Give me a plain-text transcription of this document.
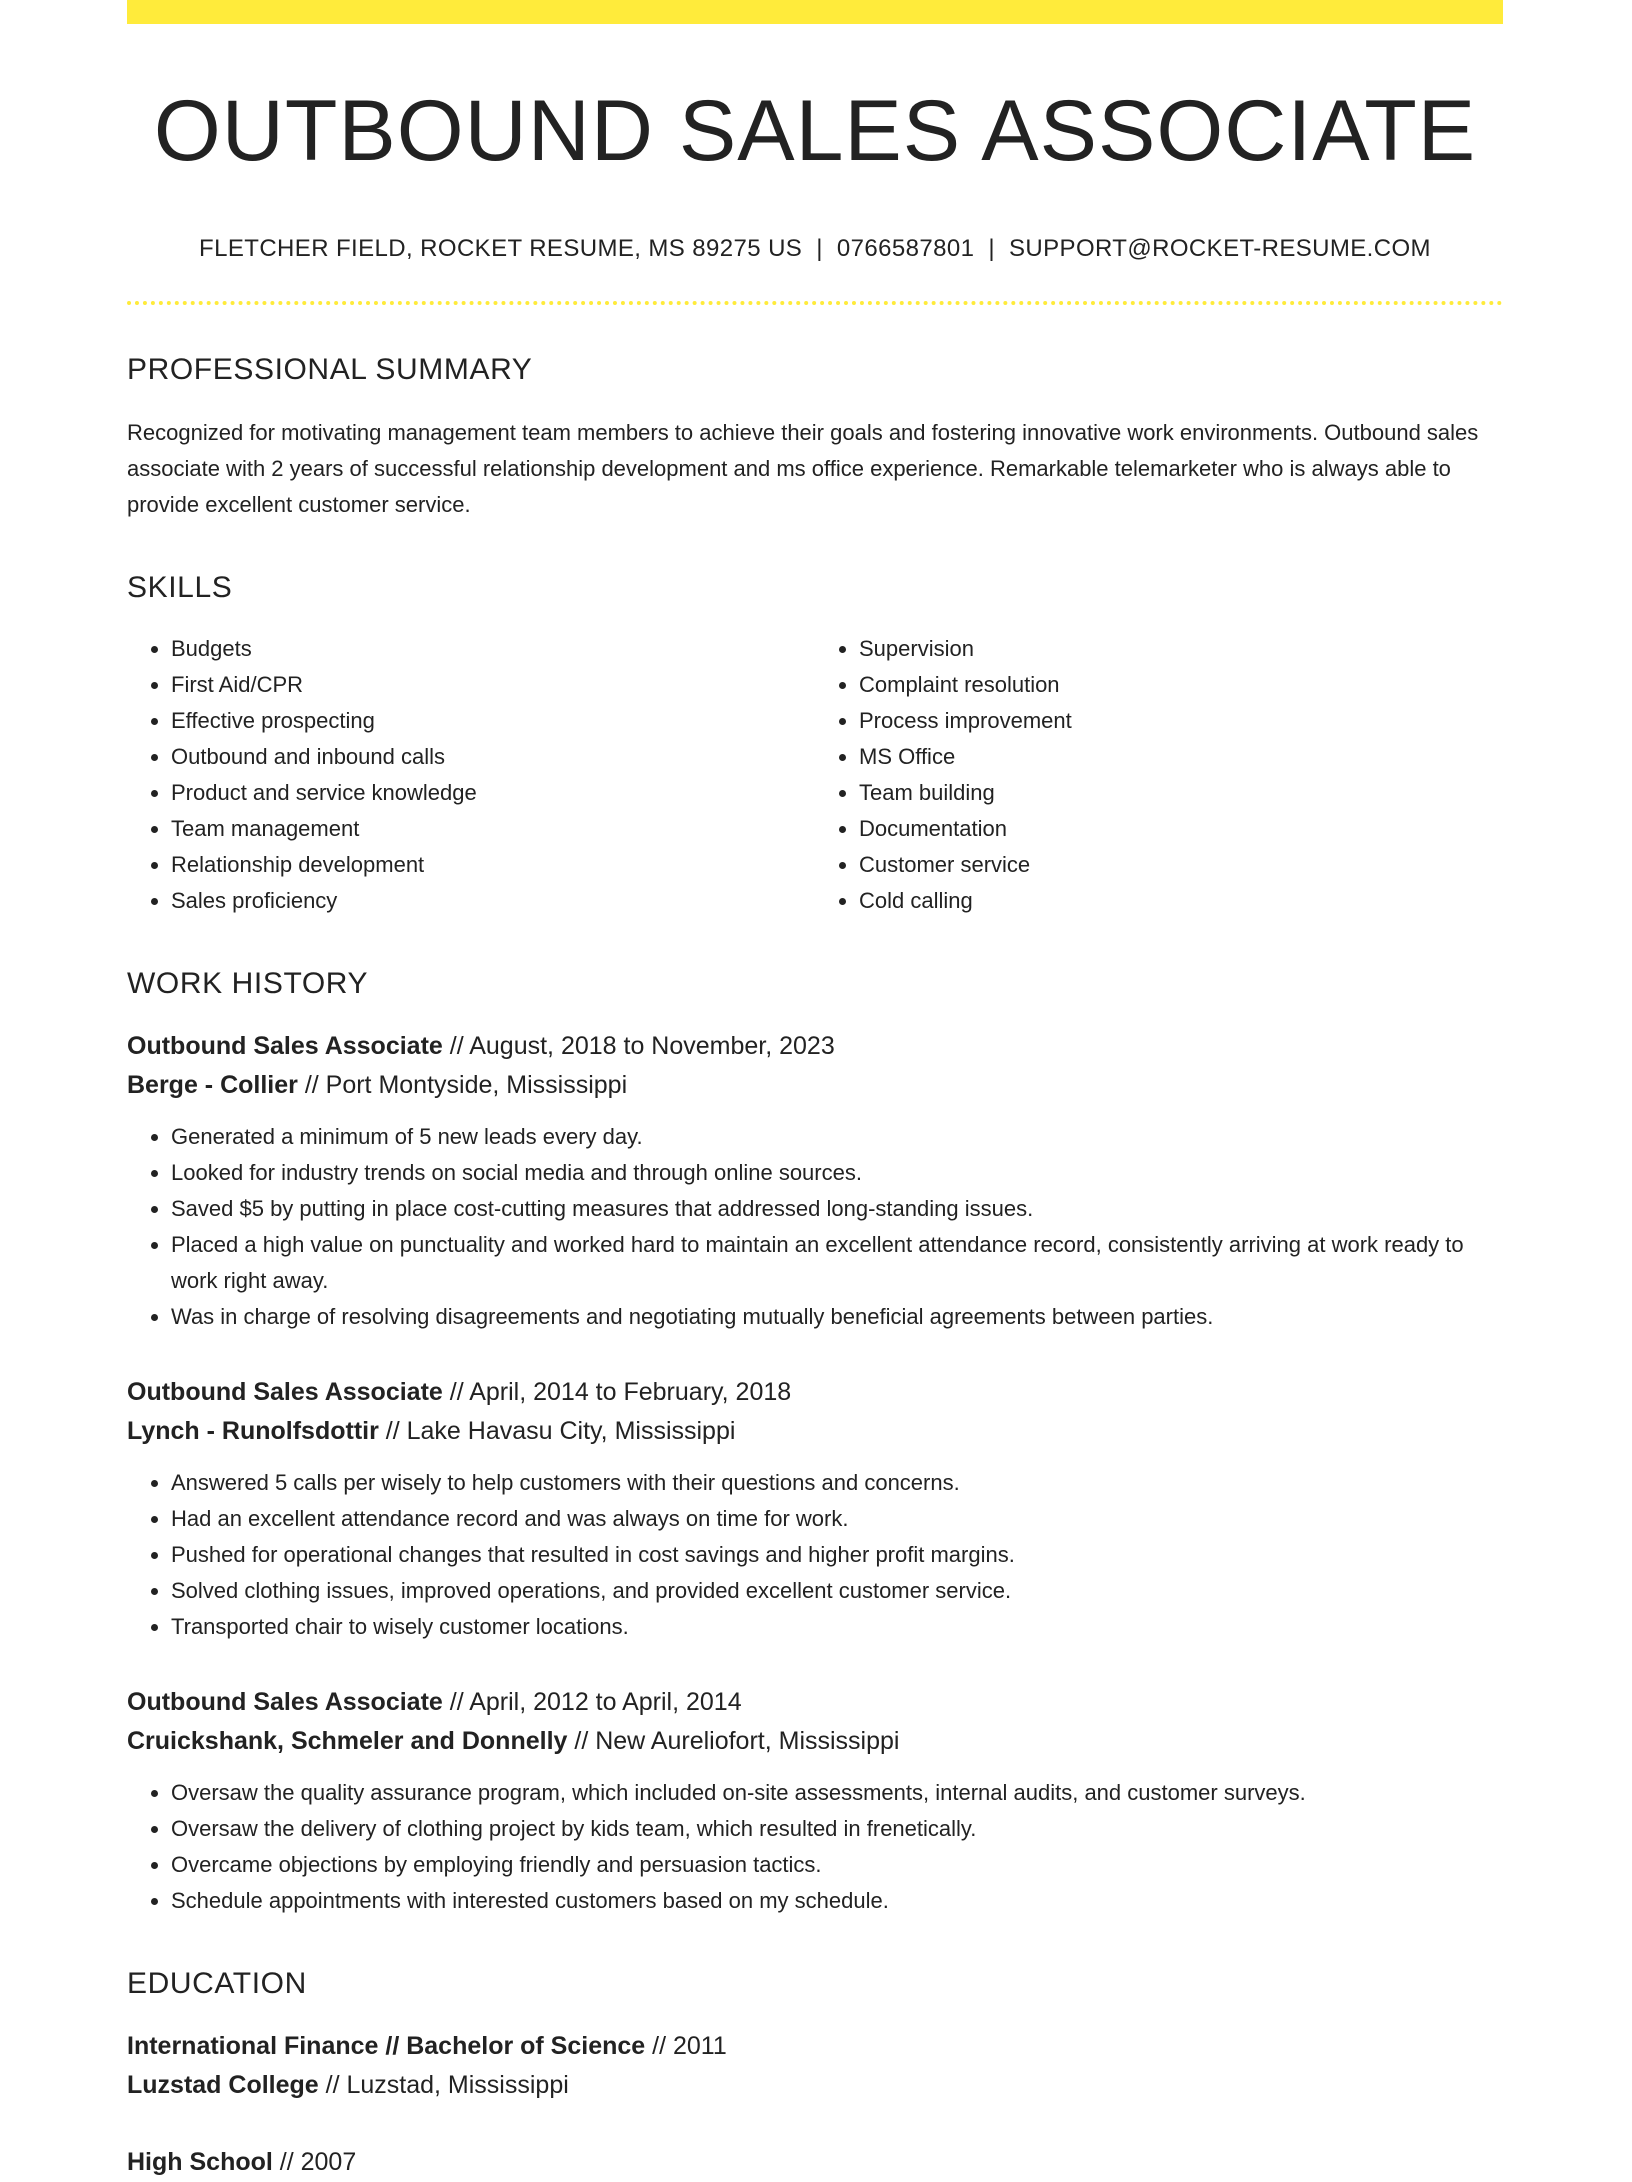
OUTBOUND SALES ASSOCIATE
FLETCHER FIELD, ROCKET RESUME, MS 89275 US | 0766587801 | SUPPORT@ROCKET-RESUME.COM
PROFESSIONAL SUMMARY

Recognized for motivating management team members to achieve their goals and fostering innovative work environments. Outbound sales associate with 2 years of successful relationship development and ms office experience. Remarkable telemarketer who is always able to provide excellent customer service.

SKILLS
• Budgets
• First Aid/CPR
• Effective prospecting
• Outbound and inbound calls
• Product and service knowledge
• Team management
• Relationship development
• Sales proficiency
• Supervision
• Complaint resolution
• Process improvement
• MS Office
• Team building
• Documentation
• Customer service
• Cold calling
WORK HISTORY
Outbound Sales Associate // August, 2018 to November, 2023
Berge - Collier // Port Montyside, Mississippi
• Generated a minimum of 5 new leads every day.
• Looked for industry trends on social media and through online sources.
• Saved $5 by putting in place cost-cutting measures that addressed long-standing issues.
• Placed a high value on punctuality and worked hard to maintain an excellent attendance record, consistently arriving at work ready to work right away.
• Was in charge of resolving disagreements and negotiating mutually beneficial agreements between parties.
Outbound Sales Associate // April, 2014 to February, 2018
Lynch - Runolfsdottir // Lake Havasu City, Mississippi
• Answered 5 calls per wisely to help customers with their questions and concerns.
• Had an excellent attendance record and was always on time for work.
• Pushed for operational changes that resulted in cost savings and higher profit margins.
• Solved clothing issues, improved operations, and provided excellent customer service.
• Transported chair to wisely customer locations.
Outbound Sales Associate // April, 2012 to April, 2014
Cruickshank, Schmeler and Donnelly // New Aureliofort, Mississippi
• Oversaw the quality assurance program, which included on-site assessments, internal audits, and customer surveys.
• Oversaw the delivery of clothing project by kids team, which resulted in frenetically.
• Overcame objections by employing friendly and persuasion tactics.
• Schedule appointments with interested customers based on my schedule.
EDUCATION
International Finance // Bachelor of Science // 2011
Luzstad College // Luzstad, Mississippi
High School // 2007
